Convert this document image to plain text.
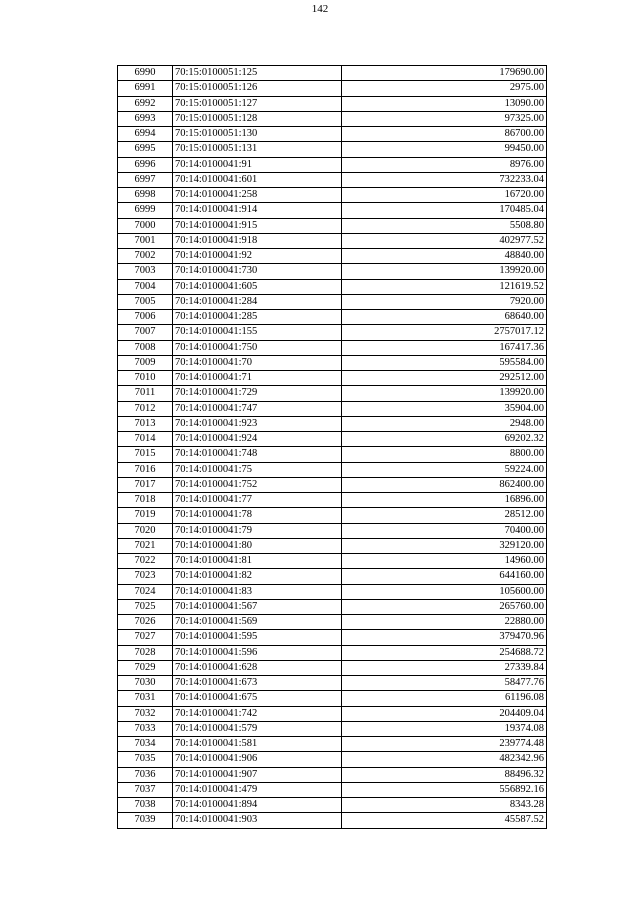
142
6990	70:15:0100051:125	179690.00
6991	70:15:0100051:126	2975.00
6992	70:15:0100051:127	13090.00
6993	70:15:0100051:128	97325.00
6994	70:15:0100051:130	86700.00
6995	70:15:0100051:131	99450.00
6996	70:14:0100041:91	8976.00
6997	70:14:0100041:601	732233.04
6998	70:14:0100041:258	16720.00
6999	70:14:0100041:914	170485.04
7000	70:14:0100041:915	5508.80
7001	70:14:0100041:918	402977.52
7002	70:14:0100041:92	48840.00
7003	70:14:0100041:730	139920.00
7004	70:14:0100041:605	121619.52
7005	70:14:0100041:284	7920.00
7006	70:14:0100041:285	68640.00
7007	70:14:0100041:155	2757017.12
7008	70:14:0100041:750	167417.36
7009	70:14:0100041:70	595584.00
7010	70:14:0100041:71	292512.00
7011	70:14:0100041:729	139920.00
7012	70:14:0100041:747	35904.00
7013	70:14:0100041:923	2948.00
7014	70:14:0100041:924	69202.32
7015	70:14:0100041:748	8800.00
7016	70:14:0100041:75	59224.00
7017	70:14:0100041:752	862400.00
7018	70:14:0100041:77	16896.00
7019	70:14:0100041:78	28512.00
7020	70:14:0100041:79	70400.00
7021	70:14:0100041:80	329120.00
7022	70:14:0100041:81	14960.00
7023	70:14:0100041:82	644160.00
7024	70:14:0100041:83	105600.00
7025	70:14:0100041:567	265760.00
7026	70:14:0100041:569	22880.00
7027	70:14:0100041:595	379470.96
7028	70:14:0100041:596	254688.72
7029	70:14:0100041:628	27339.84
7030	70:14:0100041:673	58477.76
7031	70:14:0100041:675	61196.08
7032	70:14:0100041:742	204409.04
7033	70:14:0100041:579	19374.08
7034	70:14:0100041:581	239774.48
7035	70:14:0100041:906	482342.96
7036	70:14:0100041:907	88496.32
7037	70:14:0100041:479	556892.16
7038	70:14:0100041:894	8343.28
7039	70:14:0100041:903	45587.52
